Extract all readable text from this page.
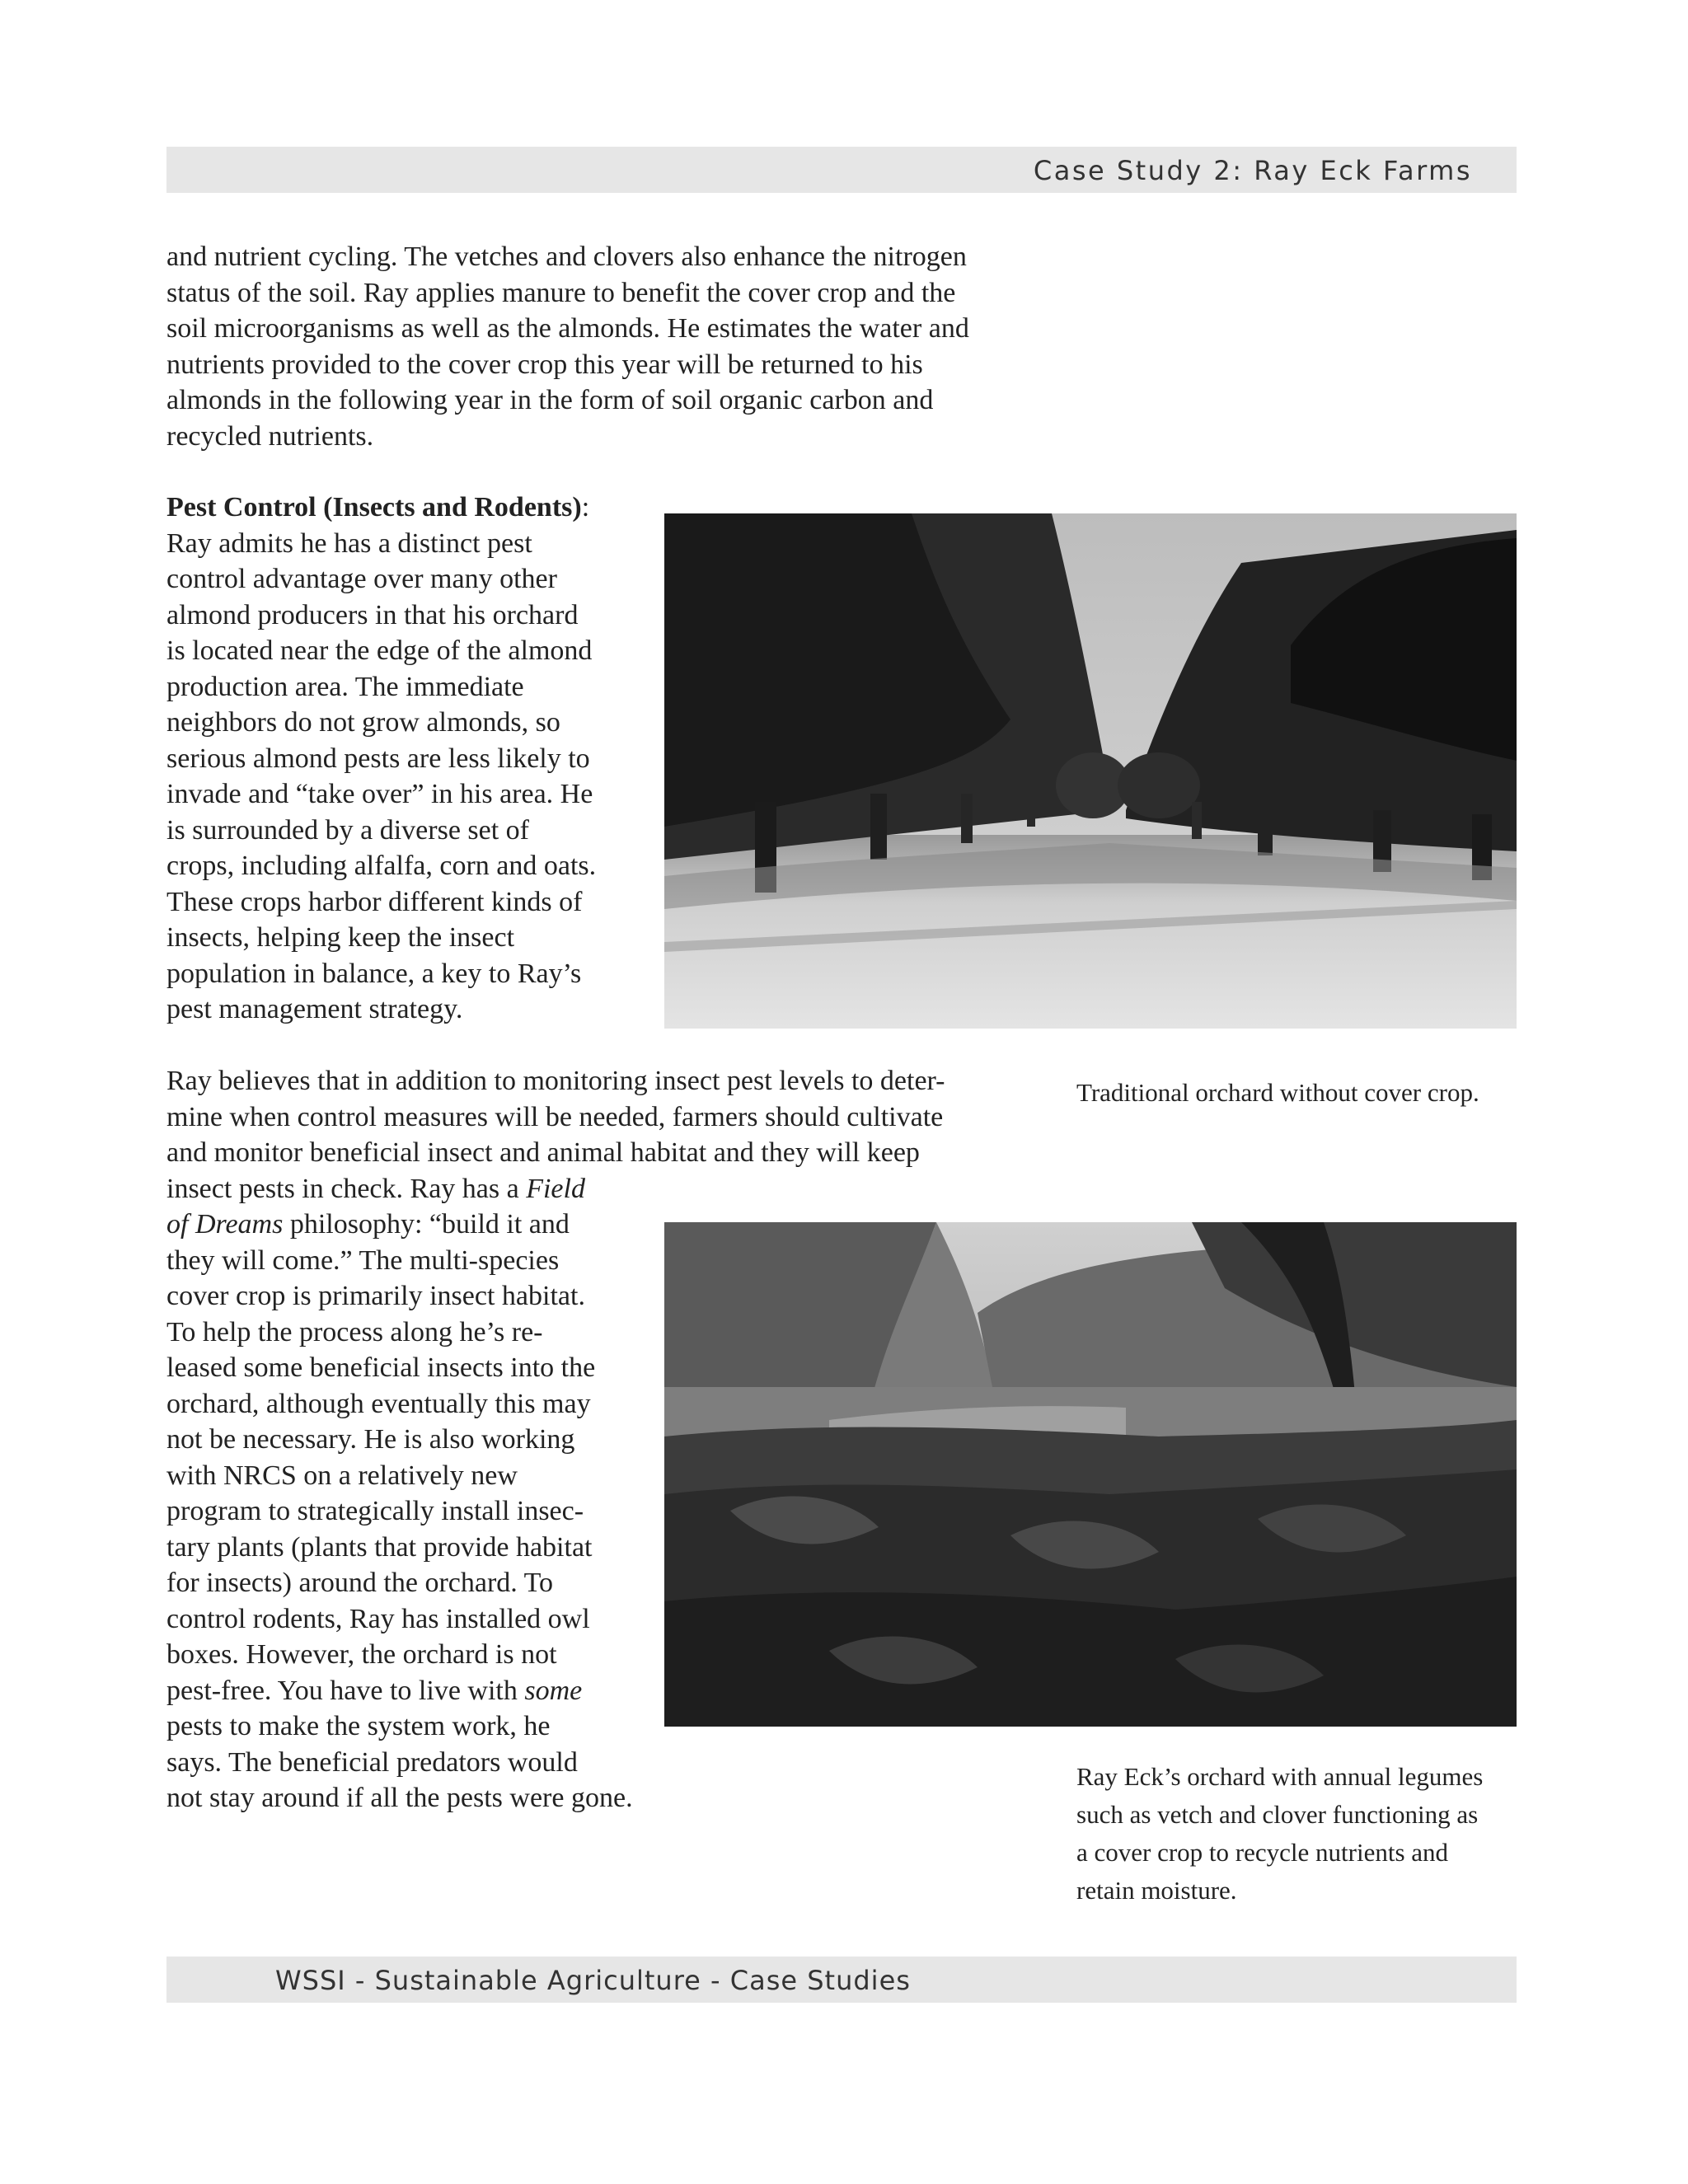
Case Study 2: Ray Eck Farms

and nutrient cycling. The vetches and clovers also enhance the nitrogen
status of the soil. Ray applies manure to benefit the cover crop and the
soil microorganisms as well as the almonds. He estimates the water and
nutrients provided to the cover crop this year will be returned to his
almonds in the following year in the form of soil organic carbon and
recycled nutrients.

Pest Control (Insects and Rodents):
Ray admits he has a distinct pest
control advantage over many other
almond producers in that his orchard
is located near the edge of the almond
production area. The immediate
neighbors do not grow almonds, so
serious almond pests are less likely to
invade and “take over” in his area. He
is surrounded by a diverse set of
crops, including alfalfa, corn and oats.
These crops harbor different kinds of
insects, helping keep the insect
population in balance, a key to Ray’s
pest management strategy.

Traditional orchard without cover crop.

Ray believes that in addition to monitoring insect pest levels to deter-
mine when control measures will be needed, farmers should cultivate
and monitor beneficial insect and animal habitat and they will keep
insect pests in check. Ray has a Field
of Dreams philosophy: “build it and
they will come.” The multi-species
cover crop is primarily insect habitat.
To help the process along he’s re-
leased some beneficial insects into the
orchard, although eventually this may
not be necessary. He is also working
with NRCS on a relatively new
program to strategically install insec-
tary plants (plants that provide habitat
for insects) around the orchard. To
control rodents, Ray has installed owl
boxes. However, the orchard is not
pest-free. You have to live with some
pests to make the system work, he
says. The beneficial predators would
not stay around if all the pests were gone.

Ray Eck’s orchard with annual legumes
such as vetch and clover functioning as
a cover crop to recycle nutrients and
retain moisture.
WSSI - Sustainable Agriculture - Case Studies
